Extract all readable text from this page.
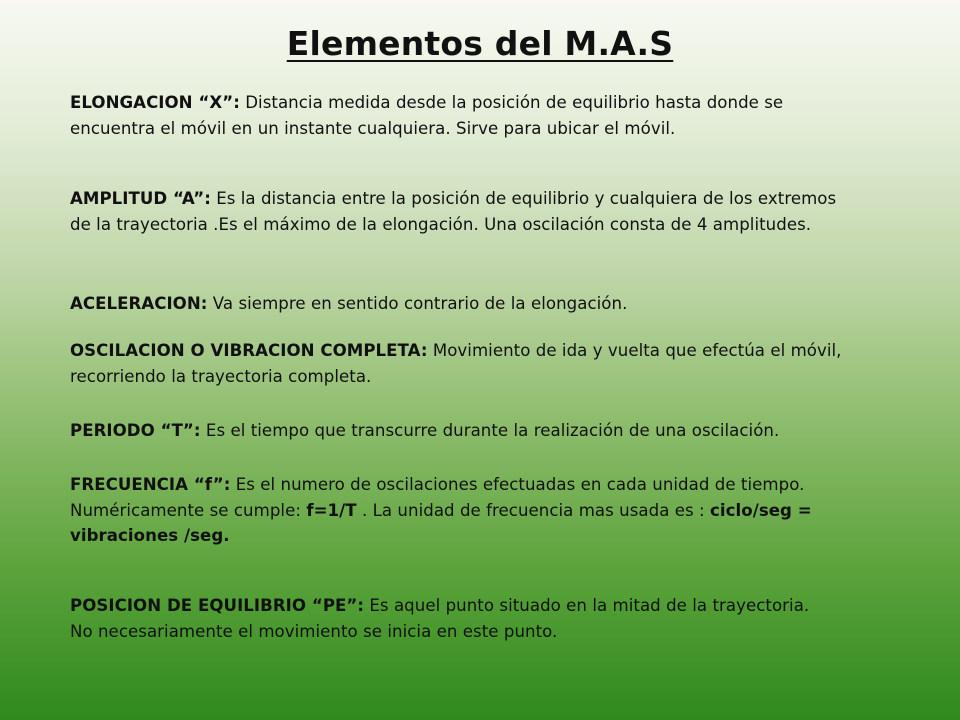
Elementos del M.A.S
ELONGACION “X”: Distancia medida desde la posición de equilibrio hasta donde se encuentra el móvil en un instante cualquiera. Sirve para ubicar el móvil.
AMPLITUD “A”: Es la distancia entre la posición de equilibrio y cualquiera de los extremos de la trayectoria .Es el máximo de la elongación. Una oscilación consta de 4 amplitudes.
ACELERACION: Va siempre en sentido contrario de la elongación.
OSCILACION O VIBRACION COMPLETA: Movimiento de ida y vuelta que efectúa el móvil, recorriendo la trayectoria completa.
PERIODO “T”: Es el tiempo que transcurre durante la realización de una oscilación.
FRECUENCIA “f”: Es el numero de oscilaciones efectuadas en cada unidad de tiempo. Numéricamente se cumple: f=1/T . La unidad de frecuencia mas usada es : ciclo/seg = vibraciones /seg.
POSICION DE EQUILIBRIO “PE”: Es aquel punto situado en la mitad de la trayectoria. No necesariamente el movimiento se inicia en este punto.
